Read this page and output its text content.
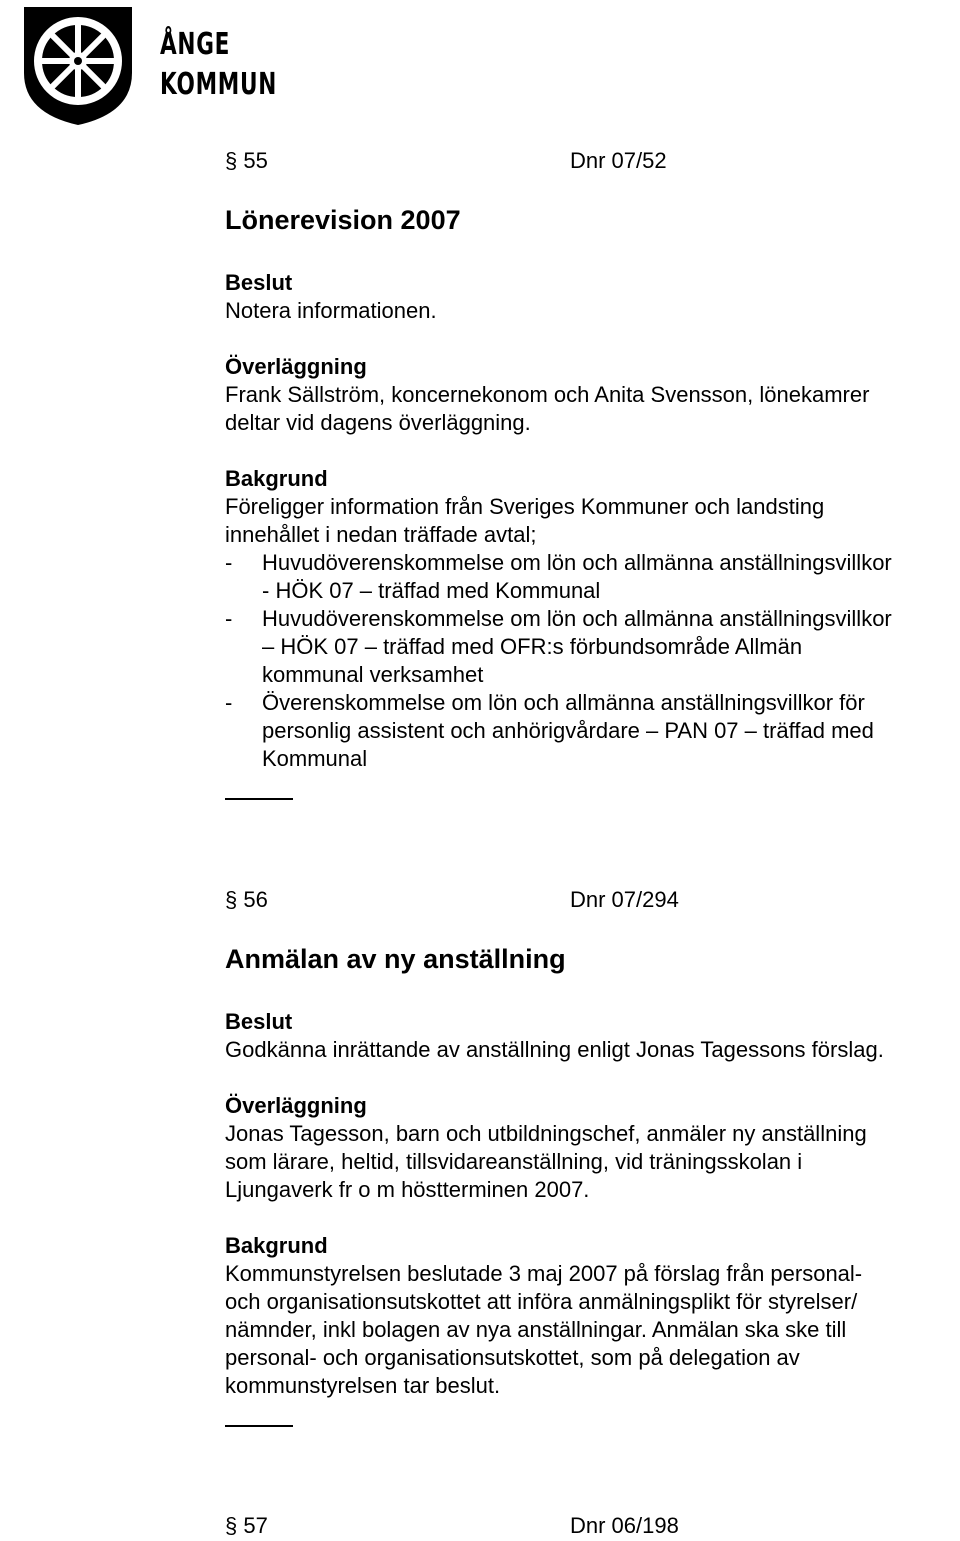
ÅNGE
KOMMUN
§ 55	Dnr 07/52
Lönerevision 2007
Beslut
Notera informationen.
Överläggning
Frank Sällström, koncernekonom och Anita Svensson, lönekamrer
deltar vid dagens överläggning.
Bakgrund
Föreligger information från Sveriges Kommuner och landsting
innehållet i nedan träffade avtal;
- Huvudöverenskommelse om lön och allmänna anställningsvillkor
- HÖK 07 – träffad med Kommunal
- Huvudöverenskommelse om lön och allmänna anställningsvillkor
– HÖK 07 – träffad med OFR:s förbundsområde Allmän
kommunal verksamhet
- Överenskommelse om lön och allmänna anställningsvillkor för
personlig assistent och anhörigvårdare – PAN 07 – träffad med
Kommunal
§ 56	Dnr 07/294
Anmälan av ny anställning
Beslut
Godkänna inrättande av anställning enligt Jonas Tagessons förslag.
Överläggning
Jonas Tagesson, barn och utbildningschef, anmäler ny anställning
som lärare, heltid, tillsvidareanställning, vid träningsskolan i
Ljungaverk fr o m höstterminen 2007.
Bakgrund
Kommunstyrelsen beslutade 3 maj 2007 på förslag från personal-
och organisationsutskottet att införa anmälningsplikt för styrelser/
nämnder, inkl bolagen av nya anställningar. Anmälan ska ske till
personal- och organisationsutskottet, som på delegation av
kommunstyrelsen tar beslut.
§ 57	Dnr 06/198
